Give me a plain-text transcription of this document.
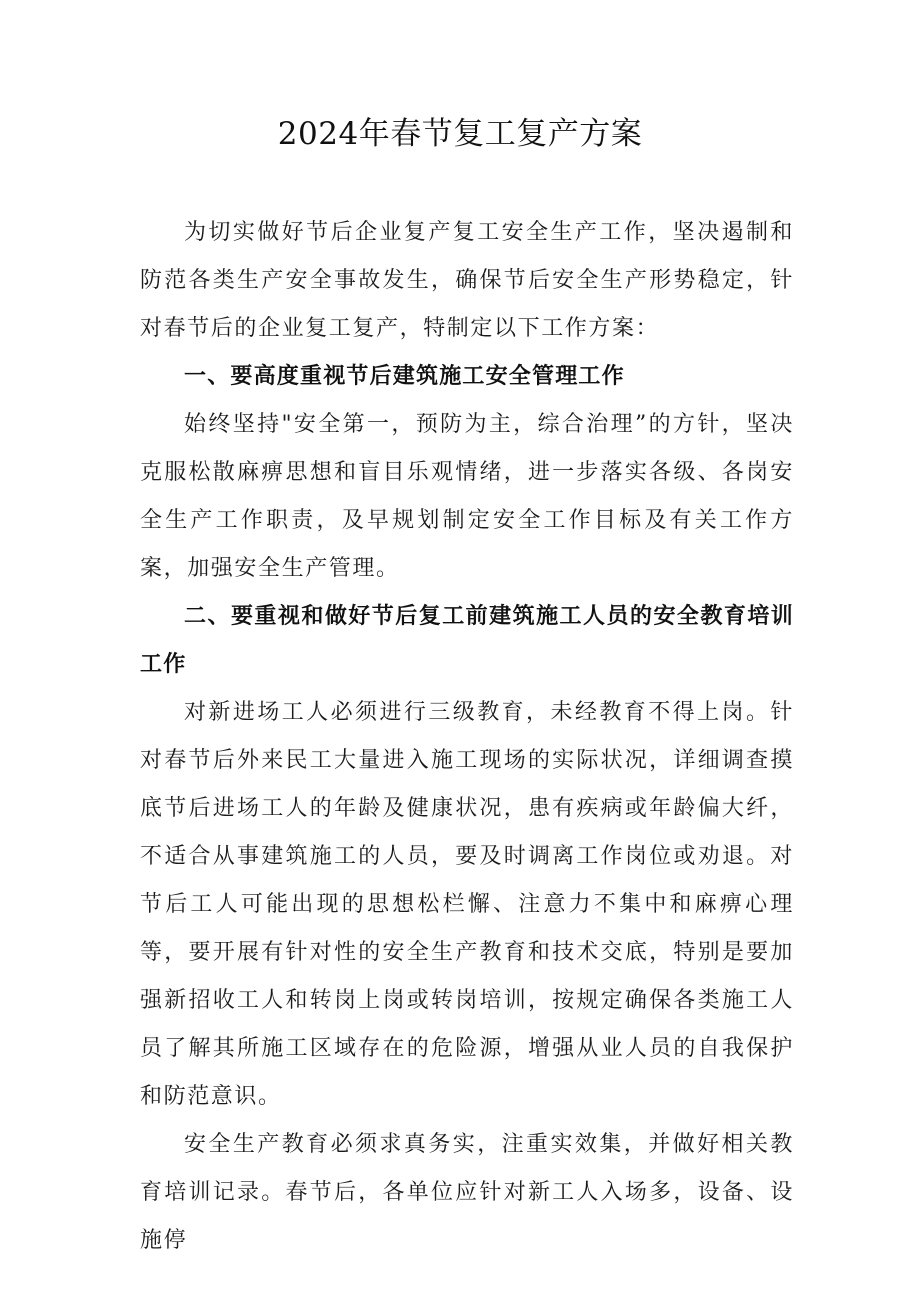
2024年春节复工复产方案

为切实做好节后企业复产复工安全生产工作，坚决遏制和防范各类生产安全事故发生，确保节后安全生产形势稳定，针对春节后的企业复工复产，特制定以下工作方案：

一、要高度重视节后建筑施工安全管理工作

始终坚持"安全第一，预防为主，综合治理”的方针，坚决克服松散麻痹思想和盲目乐观情绪，进一步落实各级、各岗安全生产工作职责，及早规划制定安全工作目标及有关工作方案，加强安全生产管理。

二、要重视和做好节后复工前建筑施工人员的安全教育培训工作

对新进场工人必须进行三级教育，未经教育不得上岗。针对春节后外来民工大量进入施工现场的实际状况，详细调查摸底节后进场工人的年龄及健康状况，患有疾病或年龄偏大纤，不适合从事建筑施工的人员，要及时调离工作岗位或劝退。对节后工人可能出现的思想松栏懈、注意力不集中和麻痹心理等，要开展有针对性的安全生产教育和技术交底，特别是要加强新招收工人和转岗上岗或转岗培训，按规定确保各类施工人员了解其所施工区域存在的危险源，增强从业人员的自我保护和防范意识。

安全生产教育必须求真务实，注重实效集，并做好相关教育培训记录。春节后，各单位应针对新工人入场多，设备、设施停
